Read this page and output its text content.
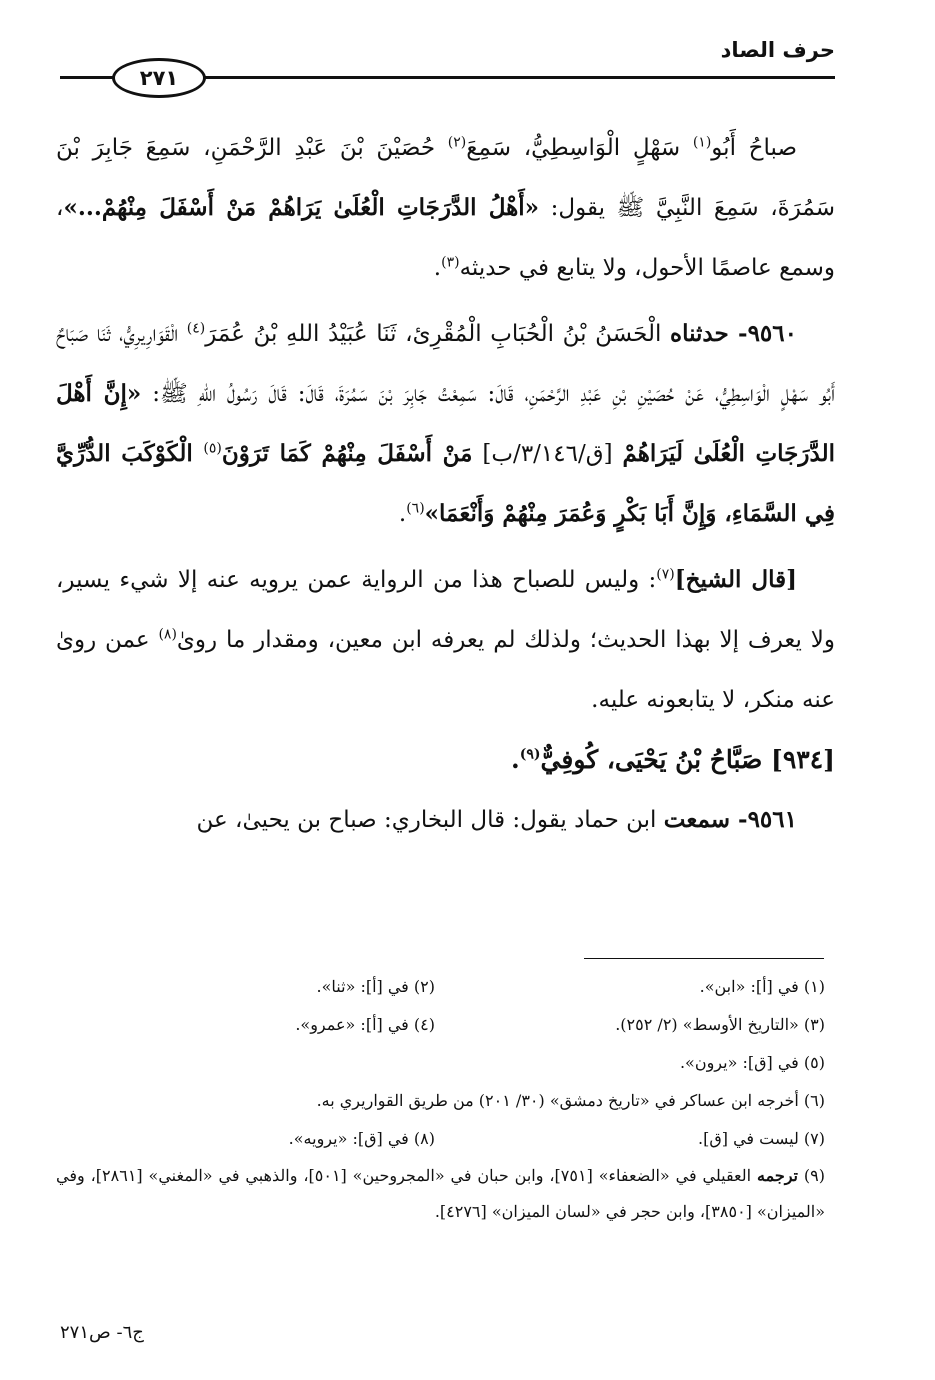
حرف الصاد
٢٧١

صباحُ أَبُو$^{(١)}$ سَهْلٍ الْوَاسِطِيُّ، سَمِعَ$^{(٢)}$ حُصَيْنَ بْنَ عَبْدِ الرَّحْمَنِ، سَمِعَ جَابِرَ بْنَ سَمُرَةَ، سَمِعَ النَّبِيَّ ﷺ يقول: «أَهْلُ الدَّرَجَاتِ الْعُلَىٰ يَرَاهُمْ مَنْ أَسْفَلَ مِنْهُمْ...»، وسمع عاصمًا الأحول، ولا يتابع في حديثه$^{(٣)}$.

٩٥٦٠- حدثناه الْحَسَنُ بْنُ الْحُبَابِ الْمُقْرِئ، ثَنَا عُبَيْدُ اللهِ بْنُ عُمَرَ$^{(٤)}$ الْقَوَارِيرِيُّ، ثَنَا صَبَاحٌ أَبُو سَهْلٍ الْوَاسِطِيُّ، عَنْ حُصَيْنِ بْنِ عَبْدِ الرَّحْمَنِ، قَالَ: سَمِعْتُ جَابِرَ بْنَ سَمُرَةَ، قَالَ: قَالَ رَسُولُ اللهِ ﷺ: «إِنَّ أَهْلَ الدَّرَجَاتِ الْعُلَىٰ لَيَرَاهُمْ [ق/٣/١٤٦/ب] مَنْ أَسْفَلَ مِنْهُمْ كَمَا تَرَوْنَ$^{(٥)}$ الْكَوْكَبَ الدُّرِّيَّ فِي السَّمَاءِ، وَإِنَّ أَبَا بَكْرٍ وَعُمَرَ مِنْهُمْ وَأَنْعَمَا»$^{(٦)}$.

[قال الشيخ]$^{(٧)}$: وليس للصباح هذا من الرواية عمن يرويه عنه إلا شيء يسير، ولا يعرف إلا بهذا الحديث؛ ولذلك لم يعرفه ابن معين، ومقدار ما روىٰ$^{(٨)}$ عمن روىٰ عنه منكر، لا يتابعونه عليه.

[٩٣٤] صَبَّاحُ بْنُ يَحْيَى، كُوفِيٌّ$^{(٩)}$.

٩٥٦١- سمعت ابن حماد يقول: قال البخاري: صباح بن يحيىٰ، عن

(١) في [أ]: «ابن».
(٢) في [أ]: «ثنا».
(٣) «التاريخ الأوسط» (٢/ ٢٥٢).
(٤) في [أ]: «عمرو».
(٥) في [ق]: «يرون».
(٦) أخرجه ابن عساكر في «تاريخ دمشق» (٣٠/ ٢٠١) من طريق القواريري به.
(٧) ليست في [ق].
(٨) في [ق]: «يرويه».
(٩) ترجمه العقيلي في «الضعفاء» [٧٥١]، وابن حبان في «المجروحين» [٥٠١]، والذهبي في «المغني» [٢٨٦١]، وفي «الميزان» [٣٨٥٠]، وابن حجر في «لسان الميزان» [٤٢٧٦].
ج٦- ص٢٧١
